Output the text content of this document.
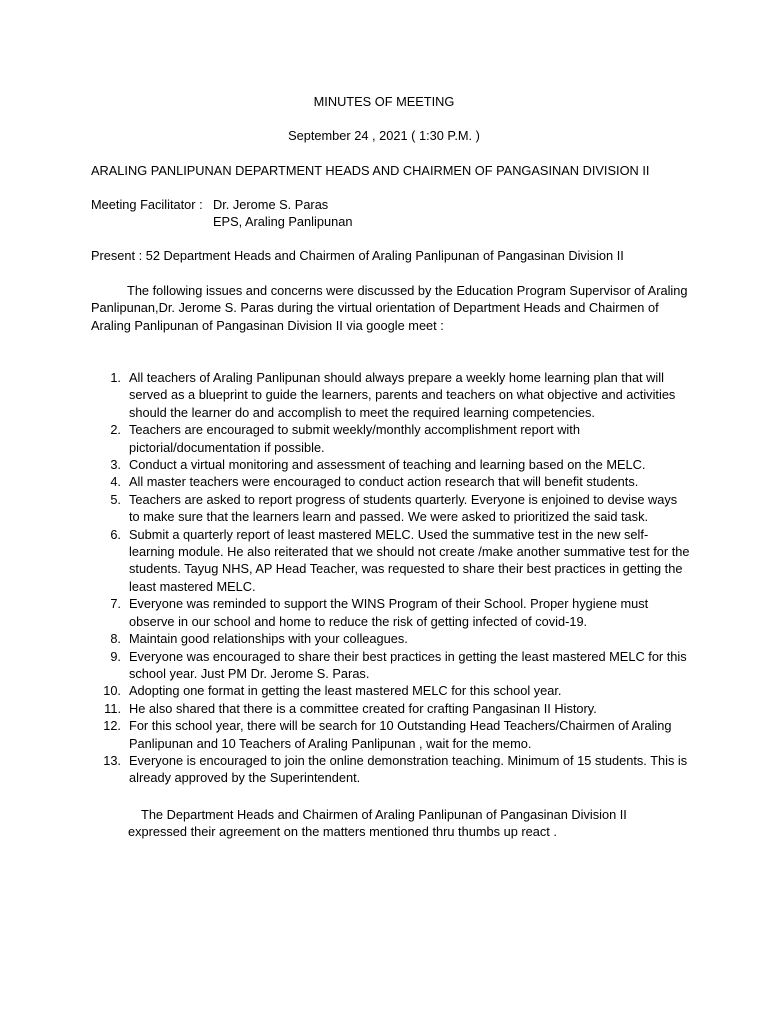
MINUTES OF MEETING

September 24 , 2021 ( 1:30 P.M. )

ARALING PANLIPUNAN DEPARTMENT HEADS AND CHAIRMEN OF PANGASINAN DIVISION II

Meeting Facilitator : Dr. Jerome S. Paras

EPS, Araling Panlipunan

Present : 52 Department Heads and Chairmen of Araling Panlipunan of Pangasinan Division II

The following issues and concerns were discussed by the Education Program Supervisor of Araling Panlipunan,Dr. Jerome S. Paras during the virtual orientation of Department Heads and Chairmen of Araling Panlipunan of Pangasinan Division II via google meet :

1. All teachers of Araling Panlipunan should always prepare a weekly home learning plan that will served as a blueprint to guide the learners, parents and teachers on what objective and activities should the learner do and accomplish to meet the required learning competencies.
2. Teachers are encouraged to submit weekly/monthly accomplishment report with pictorial/documentation if possible.
3. Conduct a virtual monitoring and assessment of teaching and learning based on the MELC.
4. All master teachers were encouraged to conduct action research that will benefit students.
5. Teachers are asked to report progress of students quarterly. Everyone is enjoined to devise ways to make sure that the learners learn and passed. We were asked to prioritized the said task.
6. Submit a quarterly report of least mastered MELC. Used the summative test in the new self-learning module. He also reiterated that we should not create /make another summative test for the students. Tayug NHS, AP Head Teacher, was requested to share their best practices in getting the least mastered MELC.
7. Everyone was reminded to support the WINS Program of their School. Proper hygiene must observe in our school and home to reduce the risk of getting infected of covid-19.
8. Maintain good relationships with your colleagues.
9. Everyone was encouraged to share their best practices in getting the least mastered MELC for this school year. Just PM Dr. Jerome S. Paras.
10. Adopting one format in getting the least mastered MELC for this school year.
11. He also shared that there is a committee created for crafting Pangasinan II History.
12. For this school year, there will be search for 10 Outstanding Head Teachers/Chairmen of Araling Panlipunan and 10 Teachers of Araling Panlipunan , wait for the memo.
13. Everyone is encouraged to join the online demonstration teaching. Minimum of 15 students. This is already approved by the Superintendent.

The Department Heads and Chairmen of Araling Panlipunan of Pangasinan Division II expressed their agreement on the matters mentioned thru thumbs up react .
